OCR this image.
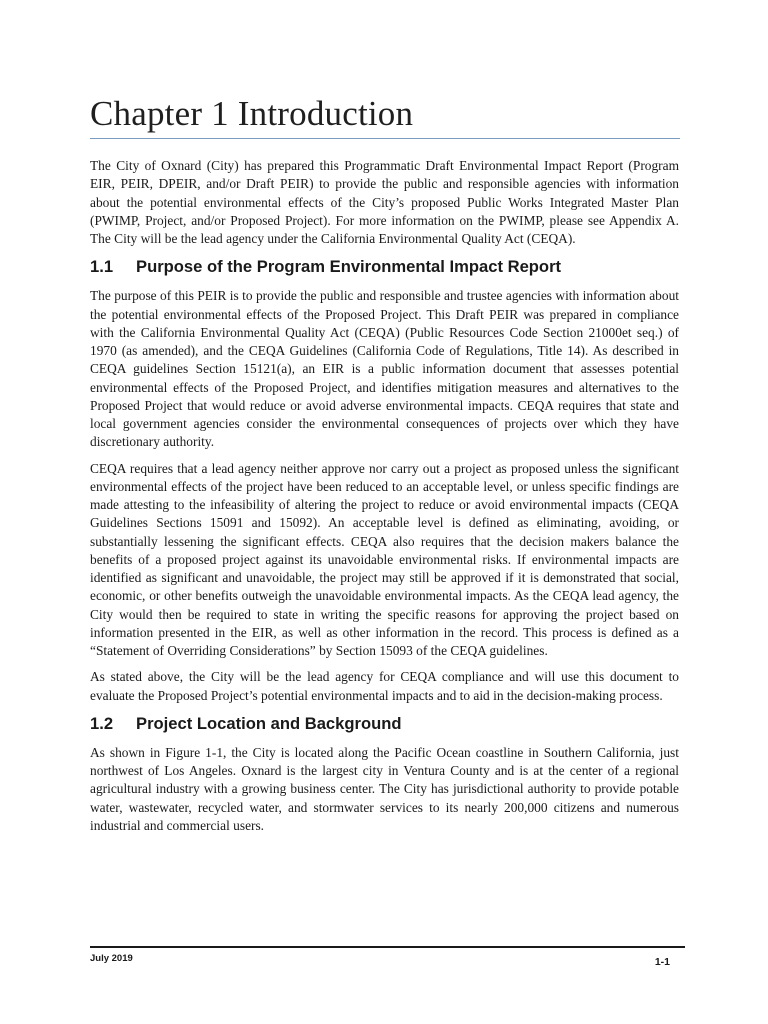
Chapter 1 Introduction

The City of Oxnard (City) has prepared this Programmatic Draft Environmental Impact Report (Program EIR, PEIR, DPEIR, and/or Draft PEIR) to provide the public and responsible agencies with information about the potential environmental effects of the City’s proposed Public Works Integrated Master Plan (PWIMP, Project, and/or Proposed Project). For more information on the PWIMP, please see Appendix A. The City will be the lead agency under the California Environmental Quality Act (CEQA).

1.1 Purpose of the Program Environmental Impact Report

The purpose of this PEIR is to provide the public and responsible and trustee agencies with information about the potential environmental effects of the Proposed Project. This Draft PEIR was prepared in compliance with the California Environmental Quality Act (CEQA) (Public Resources Code Section 21000et seq.) of 1970 (as amended), and the CEQA Guidelines (California Code of Regulations, Title 14). As described in CEQA guidelines Section 15121(a), an EIR is a public information document that assesses potential environmental effects of the Proposed Project, and identifies mitigation measures and alternatives to the Proposed Project that would reduce or avoid adverse environmental impacts. CEQA requires that state and local government agencies consider the environmental consequences of projects over which they have discretionary authority.

CEQA requires that a lead agency neither approve nor carry out a project as proposed unless the significant environmental effects of the project have been reduced to an acceptable level, or unless specific findings are made attesting to the infeasibility of altering the project to reduce or avoid environmental impacts (CEQA Guidelines Sections 15091 and 15092). An acceptable level is defined as eliminating, avoiding, or substantially lessening the significant effects. CEQA also requires that the decision makers balance the benefits of a proposed project against its unavoidable environmental risks. If environmental impacts are identified as significant and unavoidable, the project may still be approved if it is demonstrated that social, economic, or other benefits outweigh the unavoidable environmental impacts. As the CEQA lead agency, the City would then be required to state in writing the specific reasons for approving the project based on information presented in the EIR, as well as other information in the record. This process is defined as a “Statement of Overriding Considerations” by Section 15093 of the CEQA guidelines.

As stated above, the City will be the lead agency for CEQA compliance and will use this document to evaluate the Proposed Project’s potential environmental impacts and to aid in the decision-making process.

1.2 Project Location and Background

As shown in Figure 1-1, the City is located along the Pacific Ocean coastline in Southern California, just northwest of Los Angeles. Oxnard is the largest city in Ventura County and is at the center of a regional agricultural industry with a growing business center. The City has jurisdictional authority to provide potable water, wastewater, recycled water, and stormwater services to its nearly 200,000 citizens and numerous industrial and commercial users.

July 2019	1-1
